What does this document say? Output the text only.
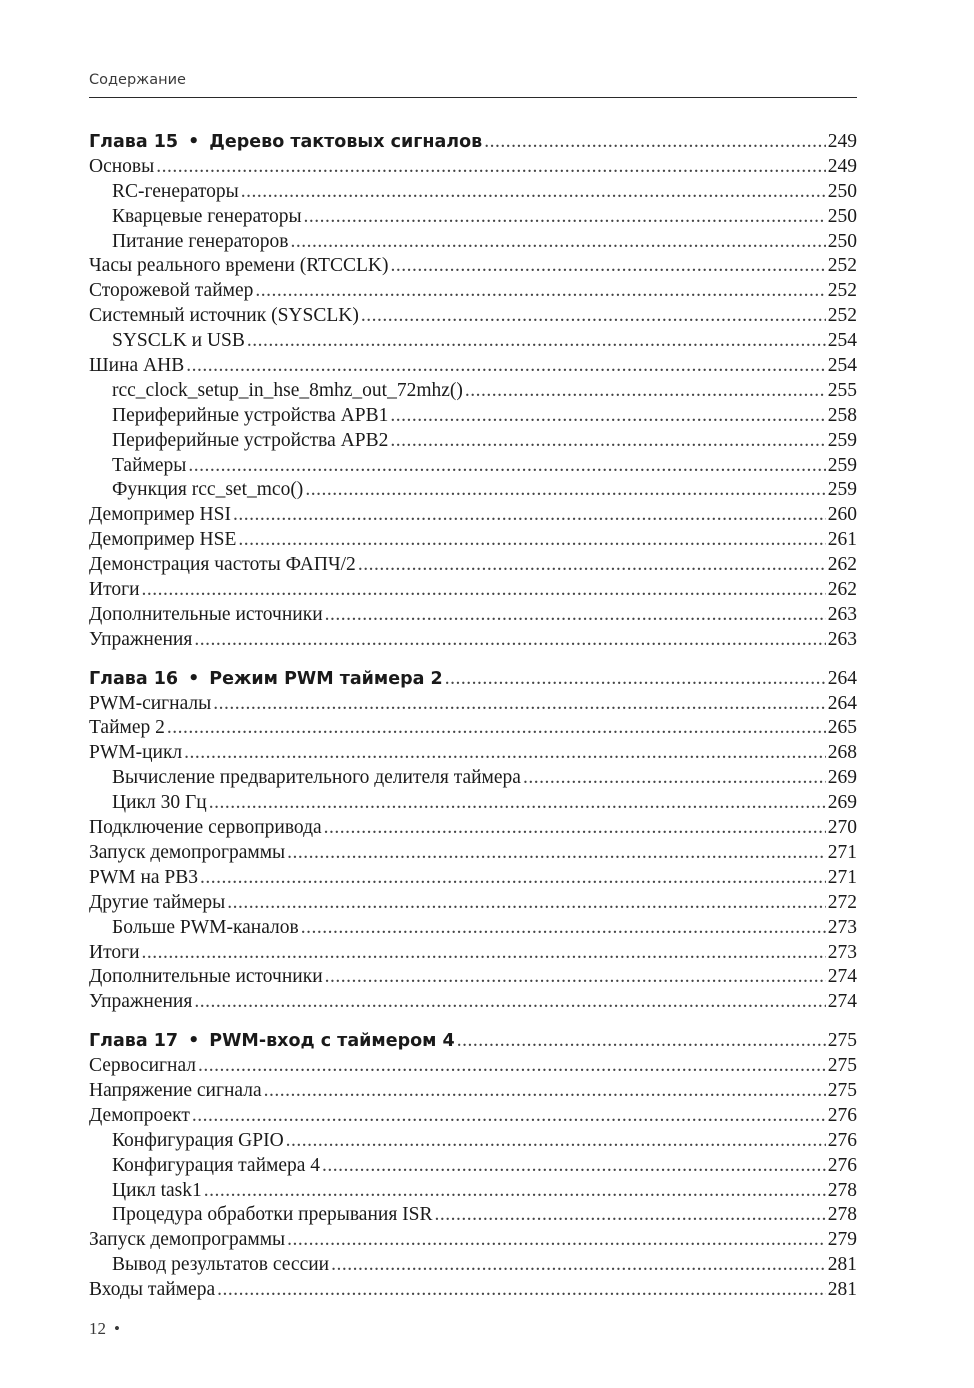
Содержание
Глава 15 • Дерево тактовых сигналов .....	249
Основы .....	249
RC-генераторы .....	250
Кварцевые генераторы .....	250
Питание генераторов .....	250
Часы реального времени (RTCCLK) .....	252
Сторожевой таймер .....	252
Системный источник (SYSCLK) .....	252
SYSCLK и USB .....	254
Шина AHB .....	254
rcc_clock_setup_in_hse_8mhz_out_72mhz() .....	255
Периферийные устройства APB1 .....	258
Периферийные устройства APB2 .....	259
Таймеры .....	259
Функция rcc_set_mco() .....	259
Демопример HSI .....	260
Демопример HSE .....	261
Демонстрация частоты ФАПЧ/2 .....	262
Итоги .....	262
Дополнительные источники .....	263
Упражнения .....	263
Глава 16 • Режим PWM таймера 2 .....	264
PWM-сигналы .....	264
Таймер 2 .....	265
PWM-цикл .....	268
Вычисление предварительного делителя таймера .....	269
Цикл 30 Гц .....	269
Подключение сервопривода .....	270
Запуск демопрограммы .....	271
PWM на PB3 .....	271
Другие таймеры .....	272
Больше PWM-каналов .....	273
Итоги .....	273
Дополнительные источники .....	274
Упражнения .....	274
Глава 17 • PWM-вход с таймером 4 .....	275
Сервосигнал .....	275
Напряжение сигнала .....	275
Демопроект .....	276
Конфигурация GPIO .....	276
Конфигурация таймера 4 .....	276
Цикл task1 .....	278
Процедура обработки прерывания ISR .....	278
Запуск демопрограммы .....	279
Вывод результатов сессии .....	281
Входы таймера .....	281
12 •
